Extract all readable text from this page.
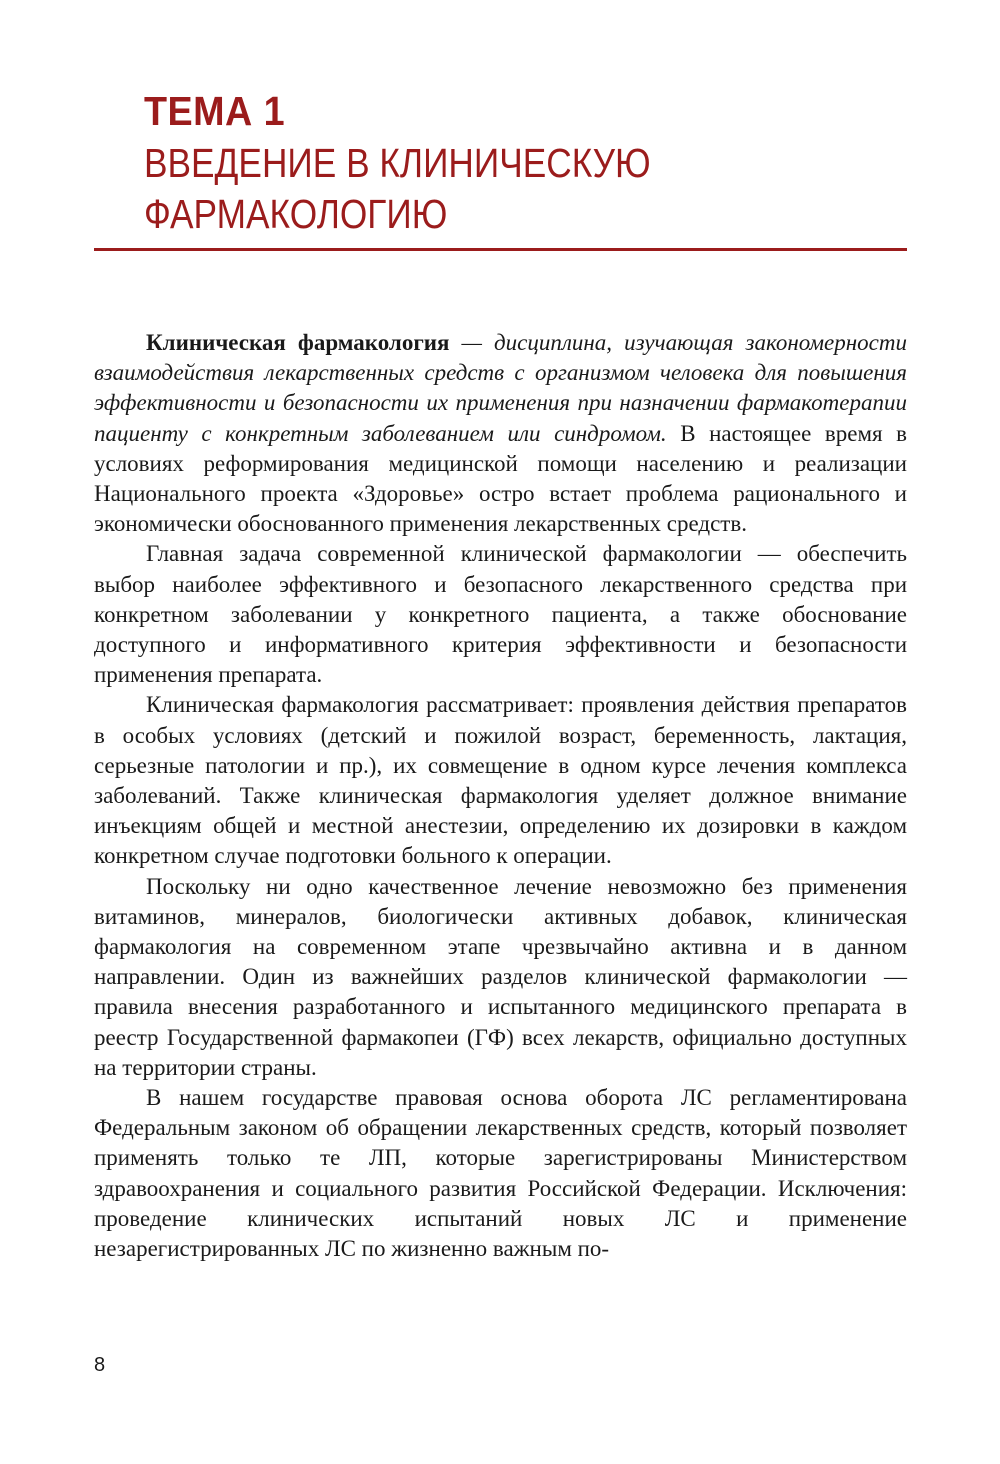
ТЕМА 1
ВВЕДЕНИЕ В КЛИНИЧЕСКУЮ
ФАРМАКОЛОГИЮ

Клиническая фармакология — дисциплина, изучающая закономерности взаимодействия лекарственных средств с организмом человека для повышения эффективности и безопасности их применения при назначении фармакотерапии пациенту с конкретным заболеванием или синдромом. В настоящее время в условиях реформирования медицинской помощи населению и реализации Национального проекта «Здоровье» остро встает проблема рационального и экономически обоснованного применения лекарственных средств.

Главная задача современной клинической фармакологии — обеспечить выбор наиболее эффективного и безопасного лекарственного средства при конкретном заболевании у конкретного пациента, а также обоснование доступного и информативного критерия эффективности и безопасности применения препарата.

Клиническая фармакология рассматривает: проявления действия препаратов в особых условиях (детский и пожилой возраст, беременность, лактация, серьезные патологии и пр.), их совмещение в одном курсе лечения комплекса заболеваний. Также клиническая фармакология уделяет должное внимание инъекциям общей и местной анестезии, определению их дозировки в каждом конкретном случае подготовки больного к операции.

Поскольку ни одно качественное лечение невозможно без применения витаминов, минералов, биологически активных добавок, клиническая фармакология на современном этапе чрезвычайно активна и в данном направлении. Один из важнейших разделов клинической фармакологии — правила внесения разработанного и испытанного медицинского препарата в реестр Государственной фармакопеи (ГФ) всех лекарств, официально доступных на территории страны.

В нашем государстве правовая основа оборота ЛС регламентирована Федеральным законом об обращении лекарственных средств, который позволяет применять только те ЛП, которые зарегистрированы Министерством здравоохранения и социального развития Российской Федерации. Исключения: проведение клинических испытаний новых ЛС и применение незарегистрированных ЛС по жизненно важным по-

8
